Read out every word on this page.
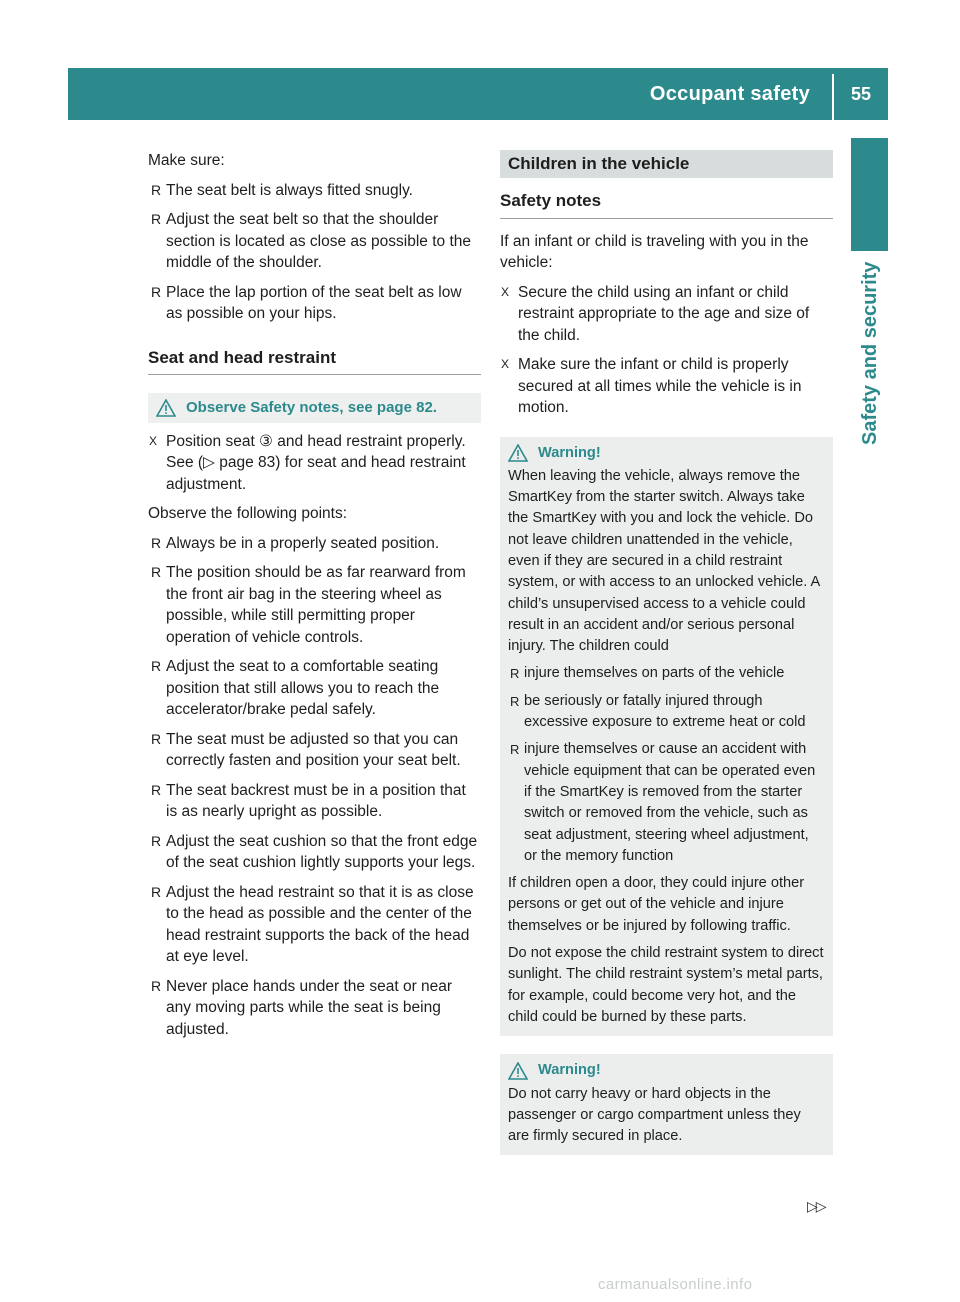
Occupant safety	55
Safety and security

Make sure:

R The seat belt is always fitted snugly.
R Adjust the seat belt so that the shoulder section is located as close as possible to the middle of the shoulder.
R Place the lap portion of the seat belt as low as possible on your hips.
Seat and head restraint
Observe Safety notes, see page 82.
X Position seat ③ and head restraint properly. See (▷ page 83) for seat and head restraint adjustment.

Observe the following points:

R Always be in a properly seated position.
R The position should be as far rearward from the front air bag in the steering wheel as possible, while still permitting proper operation of vehicle controls.
R Adjust the seat to a comfortable seating position that still allows you to reach the accelerator/brake pedal safely.
R The seat must be adjusted so that you can correctly fasten and position your seat belt.
R The seat backrest must be in a position that is as nearly upright as possible.
R Adjust the seat cushion so that the front edge of the seat cushion lightly supports your legs.
R Adjust the head restraint so that it is as close to the head as possible and the center of the head restraint supports the back of the head at eye level.
R Never place hands under the seat or near any moving parts while the seat is being adjusted.
Children in the vehicle
Safety notes

If an infant or child is traveling with you in the vehicle:

X Secure the child using an infant or child restraint appropriate to the age and size of the child.
X Make sure the infant or child is properly secured at all times while the vehicle is in motion.
Warning!

When leaving the vehicle, always remove the SmartKey from the starter switch. Always take the SmartKey with you and lock the vehicle. Do not leave children unattended in the vehicle, even if they are secured in a child restraint system, or with access to an unlocked vehicle. A child’s unsupervised access to a vehicle could result in an accident and/or serious personal injury. The children could

R injure themselves on parts of the vehicle
R be seriously or fatally injured through excessive exposure to extreme heat or cold
R injure themselves or cause an accident with vehicle equipment that can be operated even if the SmartKey is removed from the starter switch or removed from the vehicle, such as seat adjustment, steering wheel adjustment, or the memory function

If children open a door, they could injure other persons or get out of the vehicle and injure themselves or be injured by following traffic.

Do not expose the child restraint system to direct sunlight. The child restraint system’s metal parts, for example, could become very hot, and the child could be burned by these parts.

Warning!

Do not carry heavy or hard objects in the passenger or cargo compartment unless they are firmly secured in place.

▷▷
carmanualsonline.info
